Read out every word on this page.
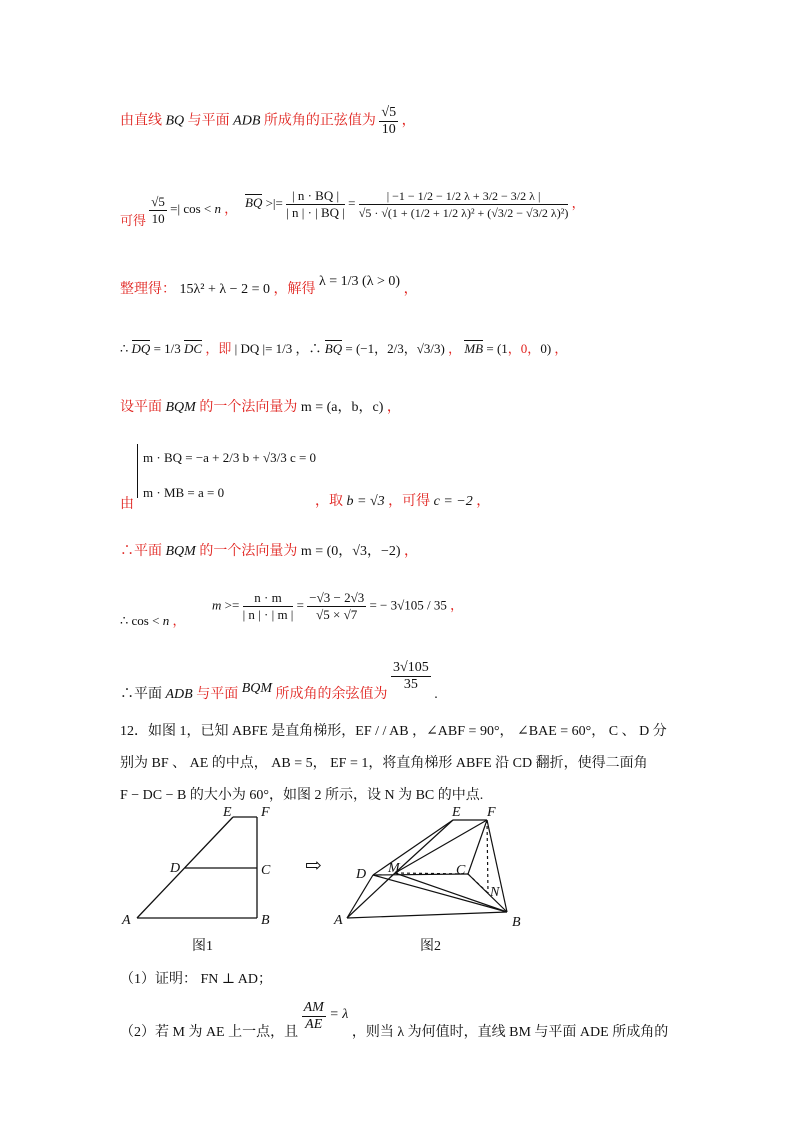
由直线 BQ 与平面 ADB 所成角的正弦值为 $\frac{√5}{10}$ ，
可得 $\frac{√5}{10}$ =| cos < n ， BQ >|= $\frac{| n \cdot BQ |}{| n | \cdot | BQ |} = \frac{| -1 - 1/2 - 1/2 \lambda + 3/2 - 3/2 \lambda |}{\text{√5 · √(1 + (1/2 + 1/2 λ)² + (√3/2 − √3/2 λ)²)}}$ ，
整理得： 15λ² + λ − 2 = 0 ，解得 λ = 1/3 (λ > 0) ，
∴ DQ = 1/3 DC ，即 | DQ |= 1/3 ，∴ BQ = (−1，2/3，√3/3) ， MB = (1，0，0) ，
设平面 BQM 的一个法向量为 m = (a，b，c) ，
m · BQ = −a + 2/3 b + √3/3 c = 0
m · MB = a = 0
由	，取 b = √3 ，可得 c = −2 ，
∴平面 BQM 的一个法向量为 m = (0，√3，−2) ，
∴ cos < n ，
$m >= \frac{n \cdot m}{| n | \cdot | m |} = \frac{-√3 - 2√3}{√5 \times √7}$ = − 3√105 / 35 ，
∴平面 ADB 与平面 BQM 所成角的余弦值为
$\frac{3√105}{35}$
.
12．如图 1，已知 ABFE 是直角梯形，EF / / AB ，∠ABF = 90°， ∠BAE = 60°， C 、 D 分
别为 BF 、 AE 的中点， AB = 5， EF = 1，将直角梯形 ABFE 沿 CD 翻折，使得二面角
F − DC − B 的大小为 60°，如图 2 所示，设 N 为 BC 的中点.
E F
D	C
A	B
图1
⇨
E F
D M	C
N
A	B
图2
（1）证明： FN ⊥ AD；
（2）若 M 为 AE 上一点，且 $\frac{AM}{AE} = \lambda$ ，则当 λ 为何值时，直线 BM 与平面 ADE 所成角的
